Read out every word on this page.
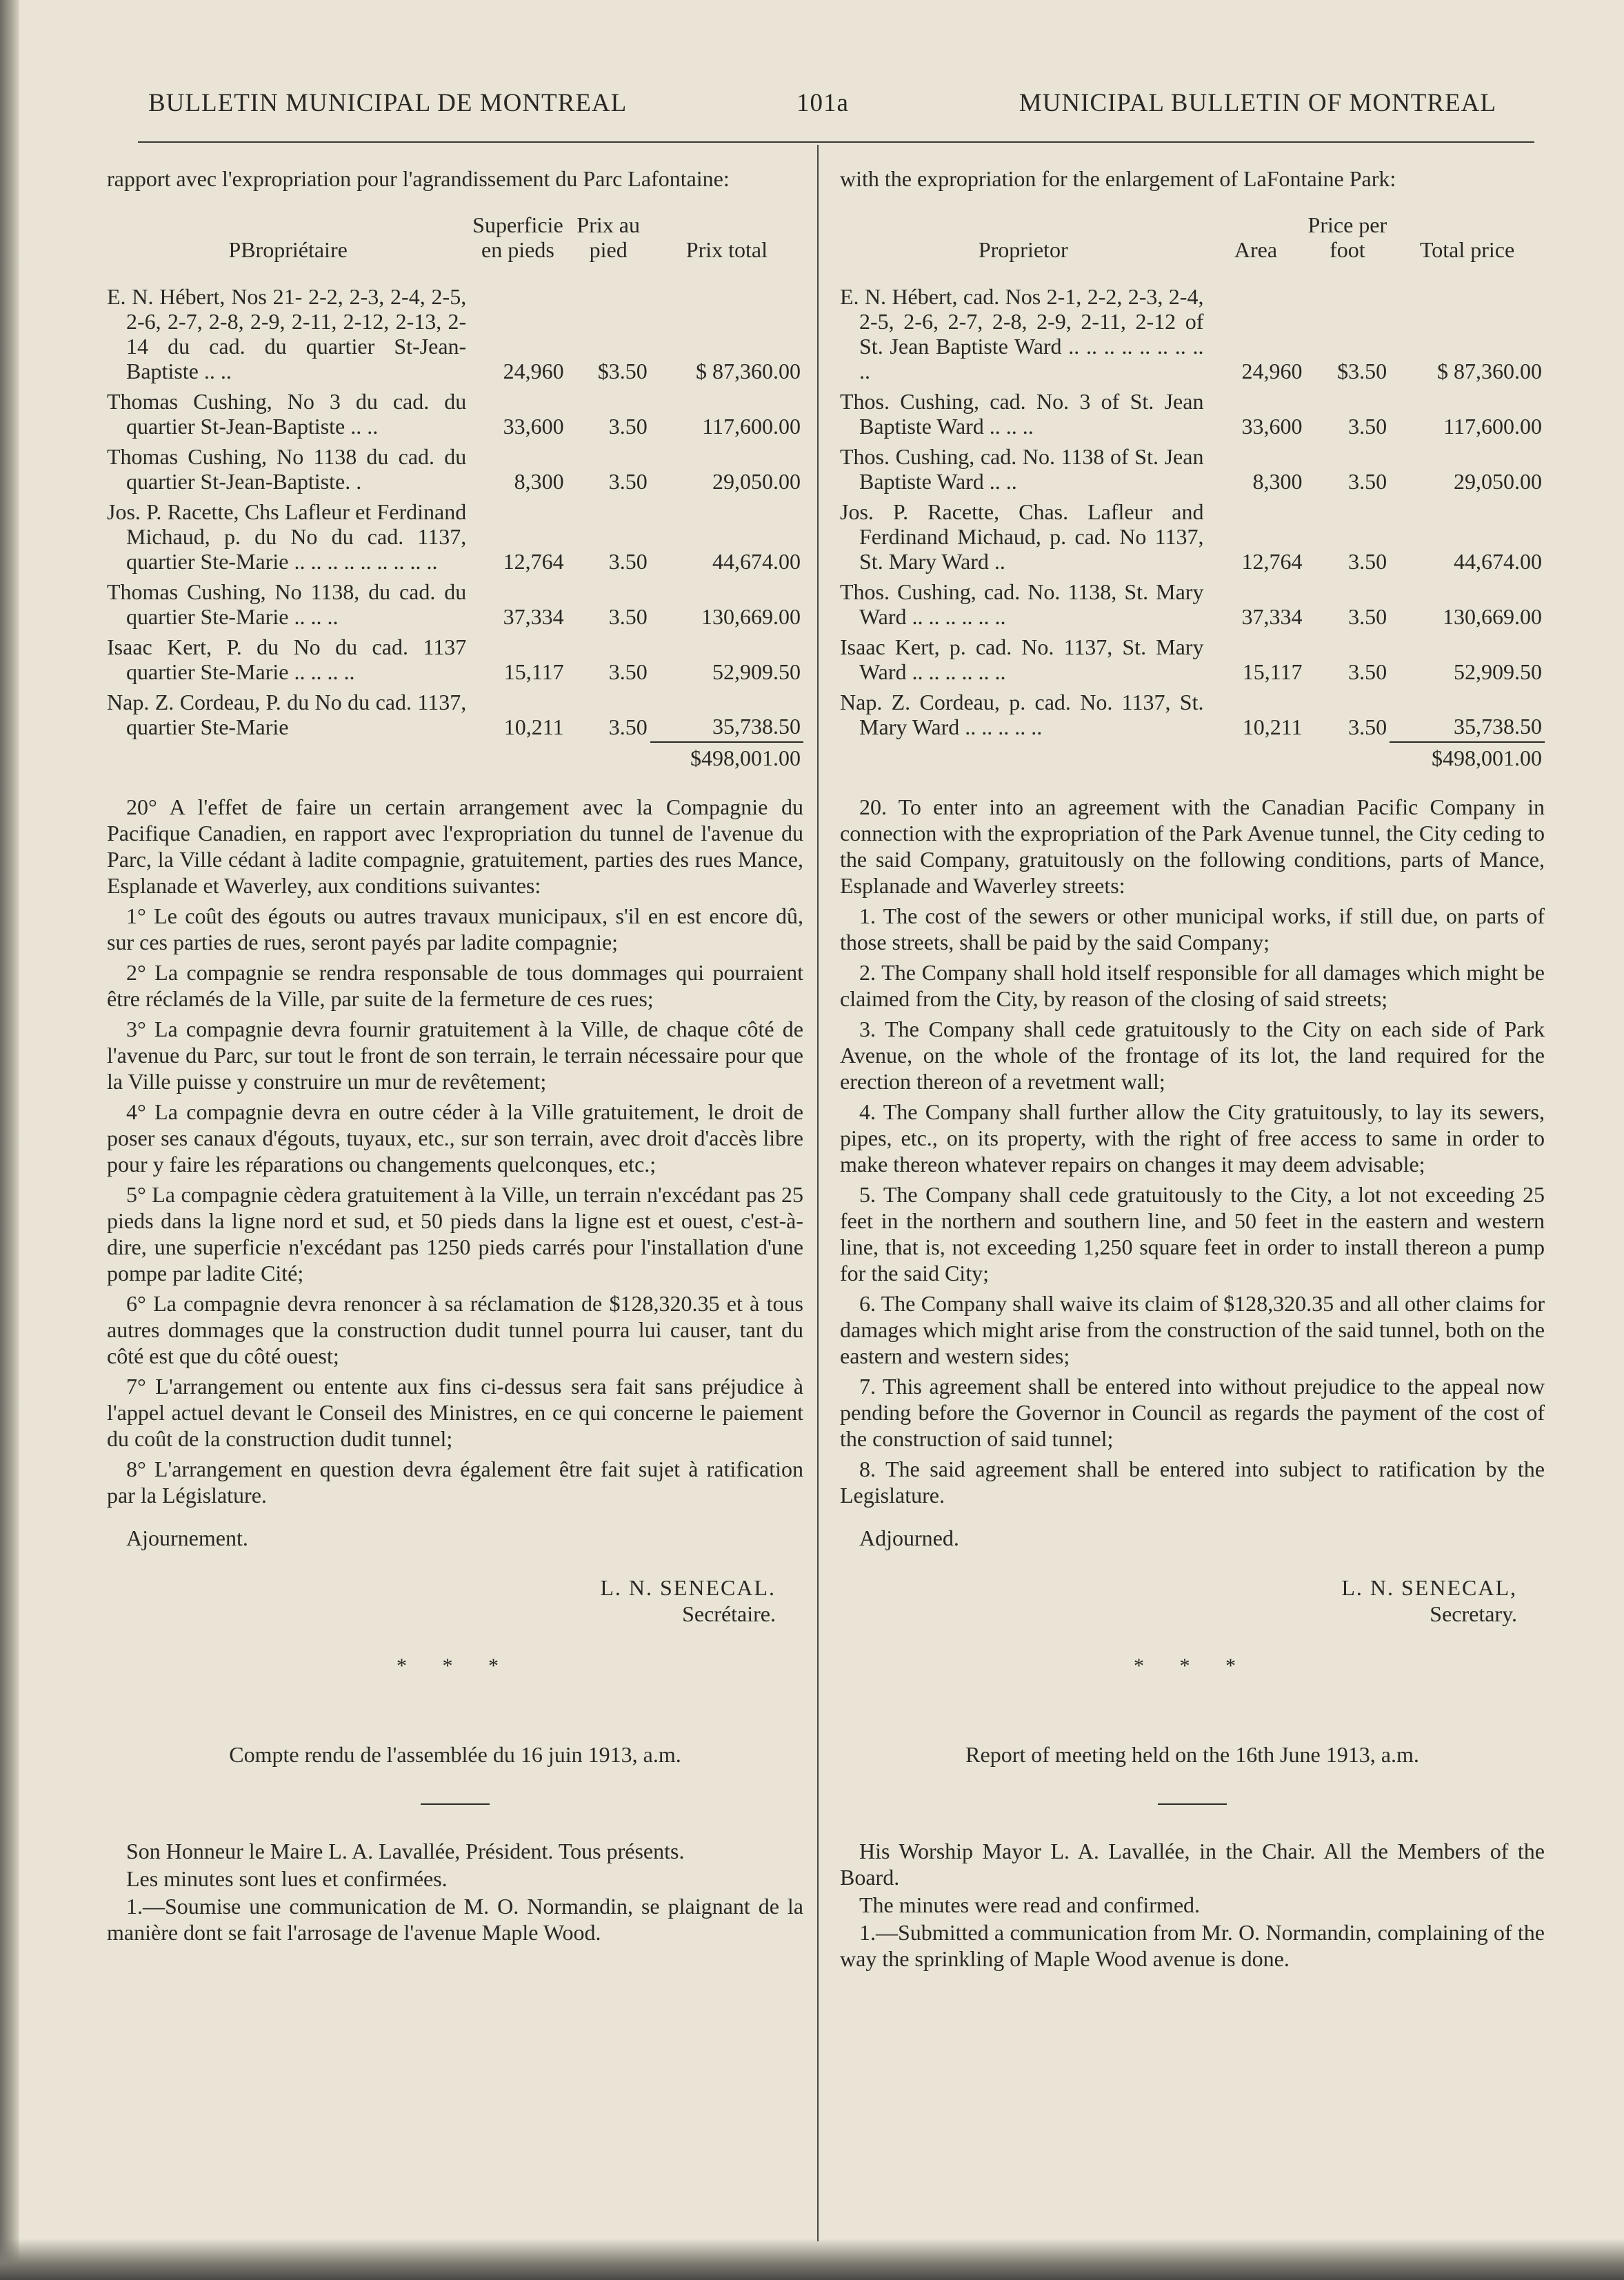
BULLETIN MUNICIPAL DE MONTREAL	101a	MUNICIPAL BULLETIN OF MONTREAL

rapport avec l'expropriation pour l'agrandissement du Parc Lafontaine:

PBropriétaire	Superficie en pieds	Prix au pied	Prix total
E. N. Hébert, Nos 21- 2-2, 2-3, 2-4, 2-5, 2-6, 2-7, 2-8, 2-9, 2-11, 2-12, 2-13, 2-14 du cad. du quartier St-Jean-Baptiste .. ..	24,960	$3.50	$ 87,360.00
Thomas Cushing, No 3 du cad. du quartier St-Jean-Baptiste .. ..	33,600	3.50	117,600.00
Thomas Cushing, No 1138 du cad. du quartier St-Jean-Baptiste. .	8,300	3.50	29,050.00
Jos. P. Racette, Chs Lafleur et Ferdinand Michaud, p. du No du cad. 1137, quartier Ste-Marie .. .. .. .. .. .. .. .. ..	12,764	3.50	44,674.00
Thomas Cushing, No 1138, du cad. du quartier Ste-Marie .. .. ..	37,334	3.50	130,669.00
Isaac Kert, P. du No du cad. 1137 quartier Ste-Marie .. .. .. ..	15,117	3.50	52,909.50
Nap. Z. Cordeau, P. du No du cad. 1137, quartier Ste-Marie	10,211	3.50	35,738.50
			$498,001.00

20° A l'effet de faire un certain arrangement avec la Compagnie du Pacifique Canadien, en rapport avec l'expropriation du tunnel de l'avenue du Parc, la Ville cédant à ladite compagnie, gratuitement, parties des rues Mance, Esplanade et Waverley, aux conditions suivantes:

1° Le coût des égouts ou autres travaux municipaux, s'il en est encore dû, sur ces parties de rues, seront payés par ladite compagnie;

2° La compagnie se rendra responsable de tous dommages qui pourraient être réclamés de la Ville, par suite de la fermeture de ces rues;

3° La compagnie devra fournir gratuitement à la Ville, de chaque côté de l'avenue du Parc, sur tout le front de son terrain, le terrain nécessaire pour que la Ville puisse y construire un mur de revêtement;

4° La compagnie devra en outre céder à la Ville gratuitement, le droit de poser ses canaux d'égouts, tuyaux, etc., sur son terrain, avec droit d'accès libre pour y faire les réparations ou changements quelconques, etc.;

5° La compagnie cèdera gratuitement à la Ville, un terrain n'excédant pas 25 pieds dans la ligne nord et sud, et 50 pieds dans la ligne est et ouest, c'est-à-dire, une superficie n'excédant pas 1250 pieds carrés pour l'installation d'une pompe par ladite Cité;

6° La compagnie devra renoncer à sa réclamation de $128,320.35 et à tous autres dommages que la construction dudit tunnel pourra lui causer, tant du côté est que du côté ouest;

7° L'arrangement ou entente aux fins ci-dessus sera fait sans préjudice à l'appel actuel devant le Conseil des Ministres, en ce qui concerne le paiement du coût de la construction dudit tunnel;

8° L'arrangement en question devra également être fait sujet à ratification par la Législature.

Ajournement.

L. N. SENECAL.
Secrétaire.
* * *

Compte rendu de l'assemblée du 16 juin 1913, a.m.

Son Honneur le Maire L. A. Lavallée, Président. Tous présents.

Les minutes sont lues et confirmées.

1.—Soumise une communication de M. O. Normandin, se plaignant de la manière dont se fait l'arrosage de l'avenue Maple Wood.

with the expropriation for the enlargement of LaFontaine Park:

Proprietor	Area	Price per foot	Total price
E. N. Hébert, cad. Nos 2-1, 2-2, 2-3, 2-4, 2-5, 2-6, 2-7, 2-8, 2-9, 2-11, 2-12 of St. Jean Baptiste Ward .. .. .. .. .. .. .. .. ..	24,960	$3.50	$ 87,360.00
Thos. Cushing, cad. No. 3 of St. Jean Baptiste Ward .. .. ..	33,600	3.50	117,600.00
Thos. Cushing, cad. No. 1138 of St. Jean Baptiste Ward .. ..	8,300	3.50	29,050.00
Jos. P. Racette, Chas. Lafleur and Ferdinand Michaud, p. cad. No 1137, St. Mary Ward ..	12,764	3.50	44,674.00
Thos. Cushing, cad. No. 1138, St. Mary Ward .. .. .. .. .. ..	37,334	3.50	130,669.00
Isaac Kert, p. cad. No. 1137, St. Mary Ward .. .. .. .. .. ..	15,117	3.50	52,909.50
Nap. Z. Cordeau, p. cad. No. 1137, St. Mary Ward .. .. .. .. ..	10,211	3.50	35,738.50
			$498,001.00

20. To enter into an agreement with the Canadian Pacific Company in connection with the expropriation of the Park Avenue tunnel, the City ceding to the said Company, gratuitously on the following conditions, parts of Mance, Esplanade and Waverley streets:

1. The cost of the sewers or other municipal works, if still due, on parts of those streets, shall be paid by the said Company;

2. The Company shall hold itself responsible for all damages which might be claimed from the City, by reason of the closing of said streets;

3. The Company shall cede gratuitously to the City on each side of Park Avenue, on the whole of the frontage of its lot, the land required for the erection thereon of a revetment wall;

4. The Company shall further allow the City gratuitously, to lay its sewers, pipes, etc., on its property, with the right of free access to same in order to make thereon whatever repairs on changes it may deem advisable;

5. The Company shall cede gratuitously to the City, a lot not exceeding 25 feet in the northern and southern line, and 50 feet in the eastern and western line, that is, not exceeding 1,250 square feet in order to install thereon a pump for the said City;

6. The Company shall waive its claim of $128,320.35 and all other claims for damages which might arise from the construction of the said tunnel, both on the eastern and western sides;

7. This agreement shall be entered into without prejudice to the appeal now pending before the Governor in Council as regards the payment of the cost of the construction of said tunnel;

8. The said agreement shall be entered into subject to ratification by the Legislature.

Adjourned.

L. N. SENECAL,
Secretary.
* * *

Report of meeting held on the 16th June 1913, a.m.

His Worship Mayor L. A. Lavallée, in the Chair. All the Members of the Board.

The minutes were read and confirmed.

1.—Submitted a communication from Mr. O. Normandin, complaining of the way the sprinkling of Maple Wood avenue is done.
